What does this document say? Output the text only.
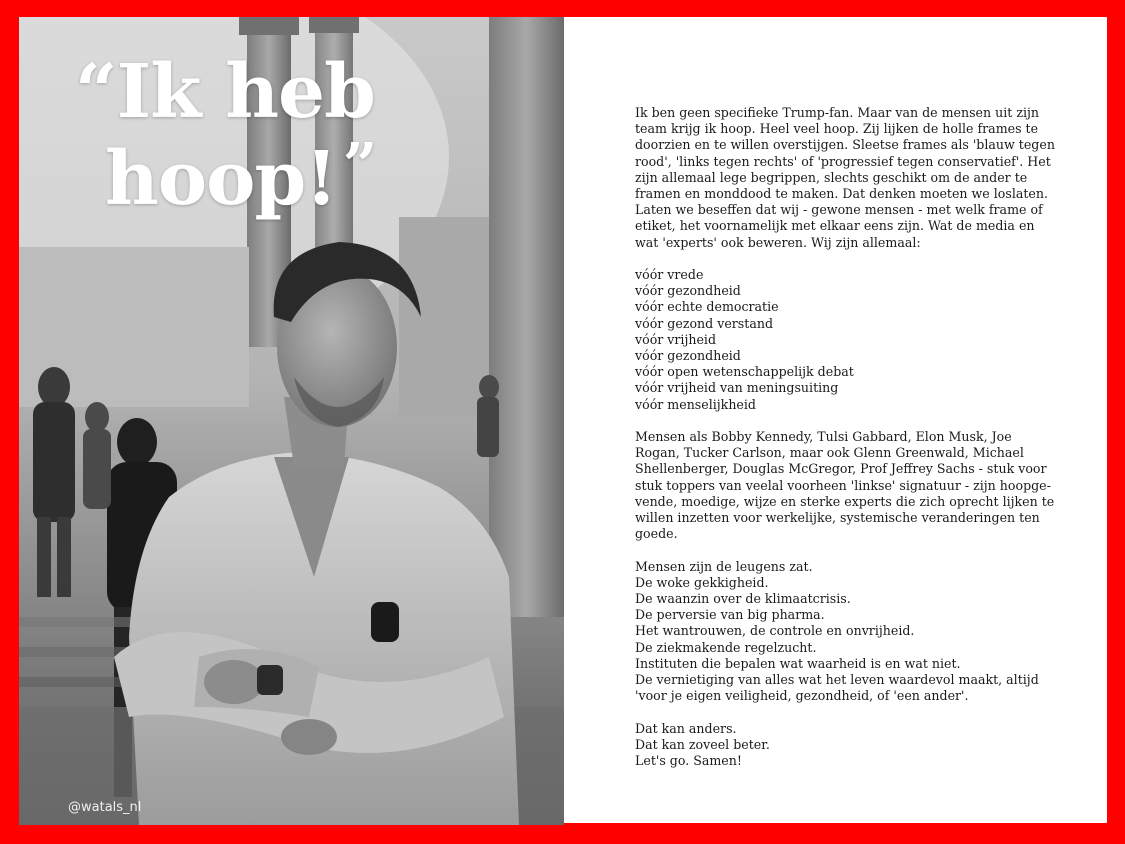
“Ik heb
hoop! ”
@watals_nl

Ik ben geen specifieke Trump-fan. Maar van de mensen uit zijn
team krijg ik hoop. Heel veel hoop. Zij lijken de holle frames te
doorzien en te willen overstijgen. Sleetse frames als 'blauw tegen
rood', 'links tegen rechts' of 'progressief tegen conservatief'. Het
zijn allemaal lege begrippen, slechts geschikt om de ander te
framen en monddood te maken. Dat denken moeten we loslaten.
Laten we beseffen dat wij - gewone mensen - met welk frame of
etiket, het voornamelijk met elkaar eens zijn. Wat de media en
wat 'experts' ook beweren. Wij zijn allemaal:

vóór vrede
vóór gezondheid
vóór echte democratie
vóór gezond verstand
vóór vrijheid
vóór gezondheid
vóór open wetenschappelijk debat
vóór vrijheid van meningsuiting
vóór menselijkheid

Mensen als Bobby Kennedy, Tulsi Gabbard, Elon Musk, Joe
Rogan, Tucker Carlson, maar ook Glenn Greenwald, Michael
Shellenberger, Douglas McGregor, Prof Jeffrey Sachs - stuk voor
stuk toppers van veelal voorheen 'linkse' signatuur - zijn hoopge-
vende, moedige, wijze en sterke experts die zich oprecht lijken te
willen inzetten voor werkelijke, systemische veranderingen ten
goede.

Mensen zijn de leugens zat.
De woke gekkigheid.
De waanzin over de klimaatcrisis.
De perversie van big pharma.
Het wantrouwen, de controle en onvrijheid.
De ziekmakende regelzucht.
Instituten die bepalen wat waarheid is en wat niet.
De vernietiging van alles wat het leven waardevol maakt, altijd
'voor je eigen veiligheid, gezondheid, of 'een ander'.

Dat kan anders.
Dat kan zoveel beter.
Let's go. Samen!
